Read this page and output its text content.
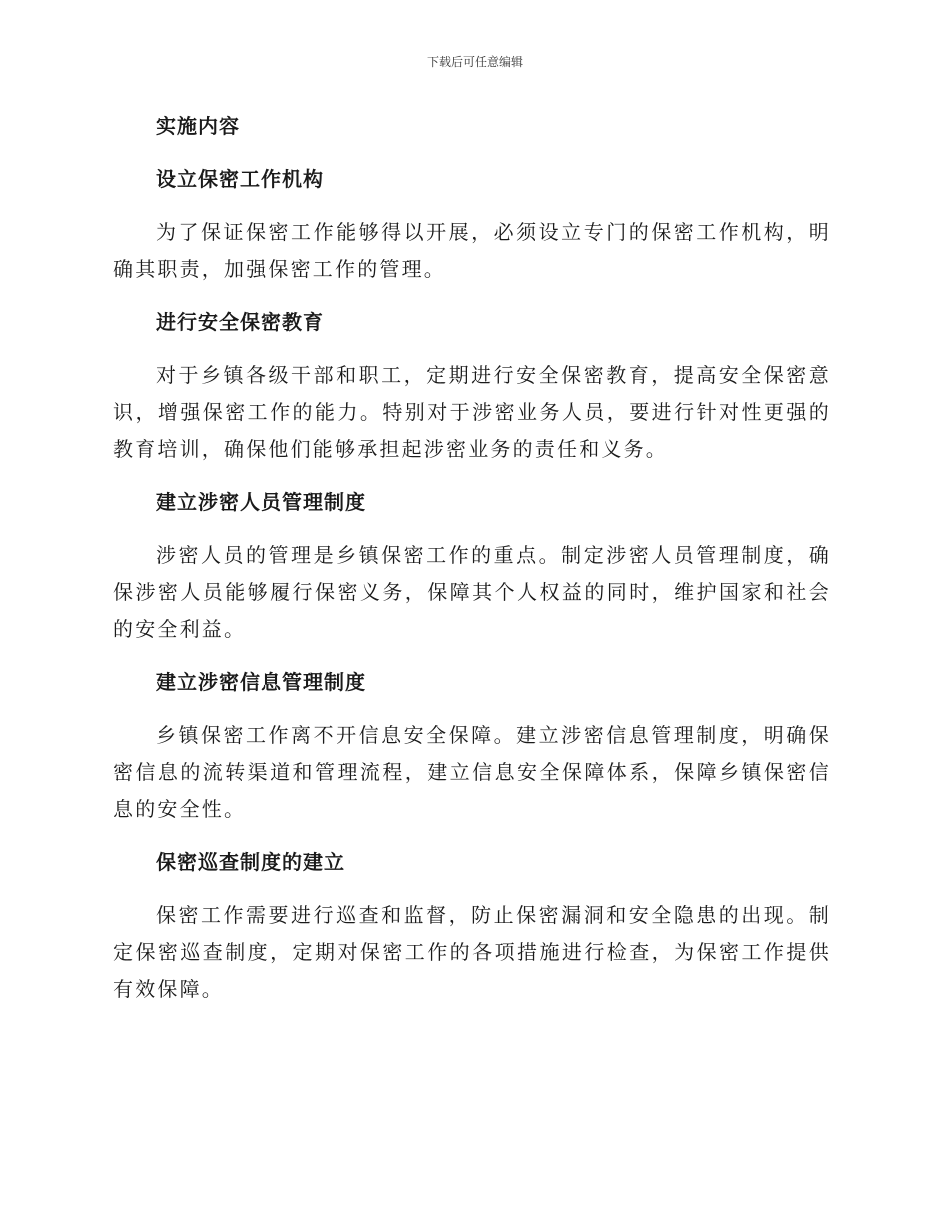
下载后可任意编辑
实施内容
设立保密工作机构

为了保证保密工作能够得以开展，必须设立专门的保密工作机构，明确其职责，加强保密工作的管理。

进行安全保密教育

对于乡镇各级干部和职工，定期进行安全保密教育，提高安全保密意识，增强保密工作的能力。特别对于涉密业务人员，要进行针对性更强的教育培训，确保他们能够承担起涉密业务的责任和义务。

建立涉密人员管理制度

涉密人员的管理是乡镇保密工作的重点。制定涉密人员管理制度，确保涉密人员能够履行保密义务，保障其个人权益的同时，维护国家和社会的安全利益。

建立涉密信息管理制度

乡镇保密工作离不开信息安全保障。建立涉密信息管理制度，明确保密信息的流转渠道和管理流程，建立信息安全保障体系，保障乡镇保密信息的安全性。

保密巡查制度的建立

保密工作需要进行巡查和监督，防止保密漏洞和安全隐患的出现。制定保密巡查制度，定期对保密工作的各项措施进行检查，为保密工作提供有效保障。
